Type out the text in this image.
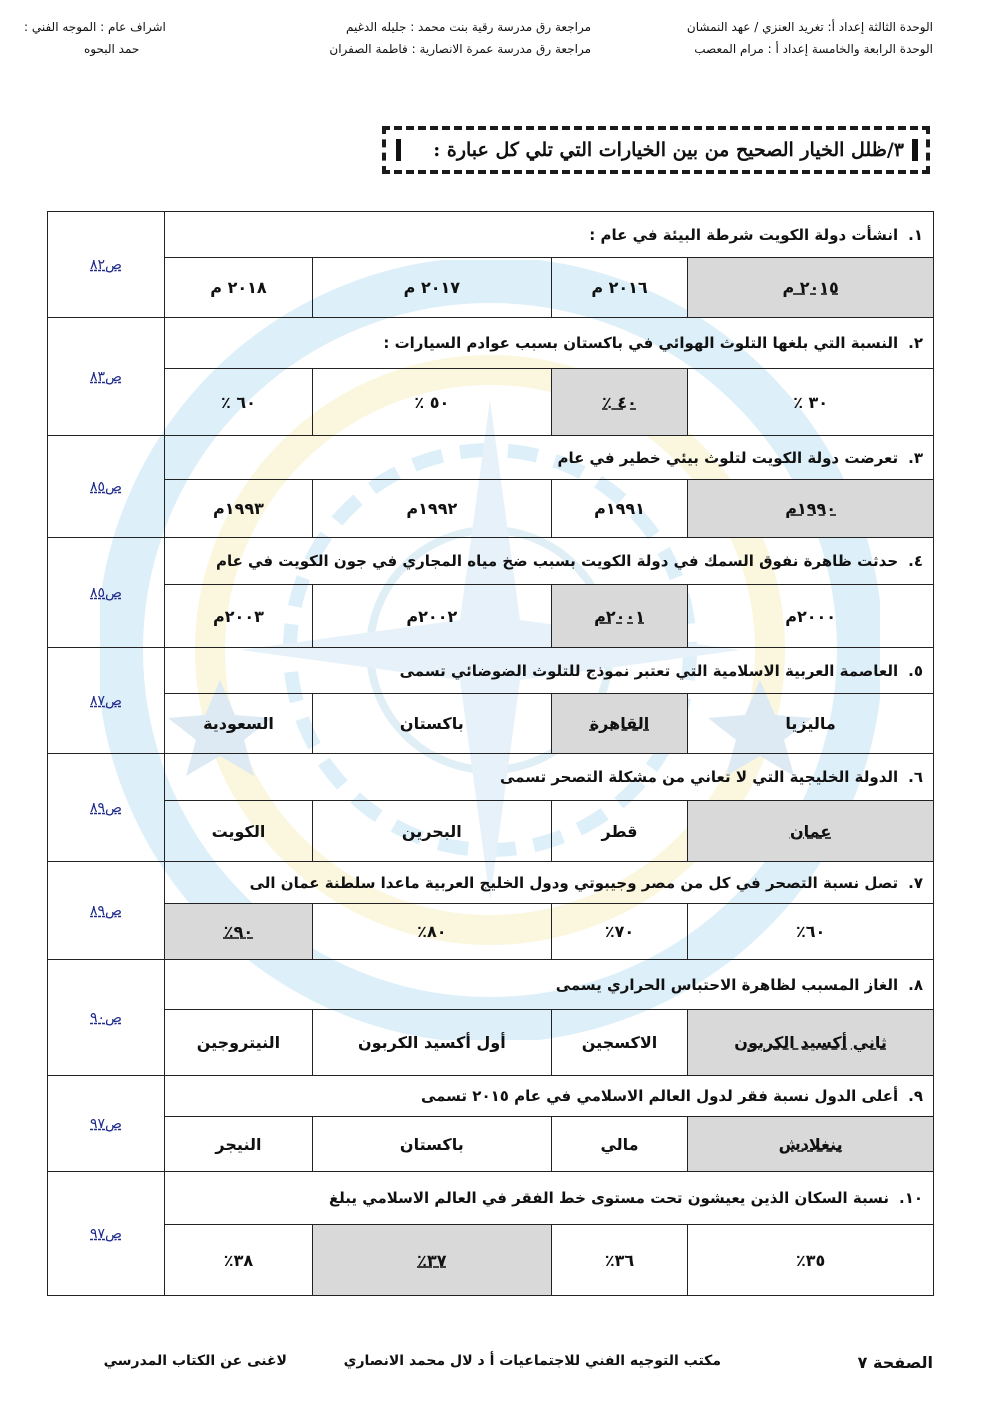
الوحدة الثالثة إعداد أ: تغريد العنزي / عهد النمشان
الوحدة الرابعة والخامسة إعداد أ : مرام المعصب
مراجعة رق مدرسة رقية بنت محمد : جليله الدغيم
مراجعة رق مدرسة عمرة الانصارية : فاطمة الصفران
اشراف عام : الموجه الفني :
حمد البحوه
٣/ظلل الخيار الصحيح من بين الخيارات التي تلي كل عبارة :
١.انشأت دولة الكويت شرطة البيئة في عام :				ص٨٢
٢٠١٥ م	٢٠١٦ م	٢٠١٧ م	٢٠١٨ م	
٢.النسبة التي بلغها التلوث الهوائي في باكستان بسبب عوادم السيارات :				ص٨٣
٣٠ ٪	٤٠ ٪	٥٠ ٪	٦٠ ٪	
٣.تعرضت دولة الكويت لتلوث بيئي خطير في عام				ص٨٥
١٩٩٠م	١٩٩١م	١٩٩٢م	١٩٩٣م	
٤.حدثت ظاهرة نفوق السمك في دولة الكويت بسبب ضخ مياه المجاري في جون الكويت في عام				ص٨٥
٢٠٠٠م	٢٠٠١م	٢٠٠٢م	٢٠٠٣م	
٥.العاصمة العربية الاسلامية التي تعتبر نموذج للتلوث الضوضائي تسمى				ص٨٧
ماليزيا	القاهرة	باكستان	السعودية	
٦.الدولة الخليجية التي لا تعاني من مشكلة التصحر تسمى				ص٨٩
عمان	قطر	البحرين	الكويت	
٧.تصل نسبة التصحر في كل من مصر وجيبوتي ودول الخليج العربية ماعدا سلطنة عمان الى				ص٨٩
٦٠٪	٧٠٪	٨٠٪	٩٠٪	
٨.الغاز المسبب لظاهرة الاحتباس الحراري يسمى				ص٩٠
ثاني أكسيد الكربون	الاكسجين	أول أكسيد الكربون	النيتروجين	
٩.أعلى الدول نسبة فقر لدول العالم الاسلامي في عام ٢٠١٥ تسمى				ص٩٧
بنغلادش	مالي	باكستان	النيجر	
١٠.نسبة السكان الذين يعيشون تحت مستوى خط الفقر في العالم الاسلامي يبلغ				ص٩٧
٣٥٪	٣٦٪	٣٧٪	٣٨٪	
الصفحة ٧
مكتب التوجيه الفني للاجتماعيات أ د لال محمد الانصاري
لاغنى عن الكتاب المدرسي
